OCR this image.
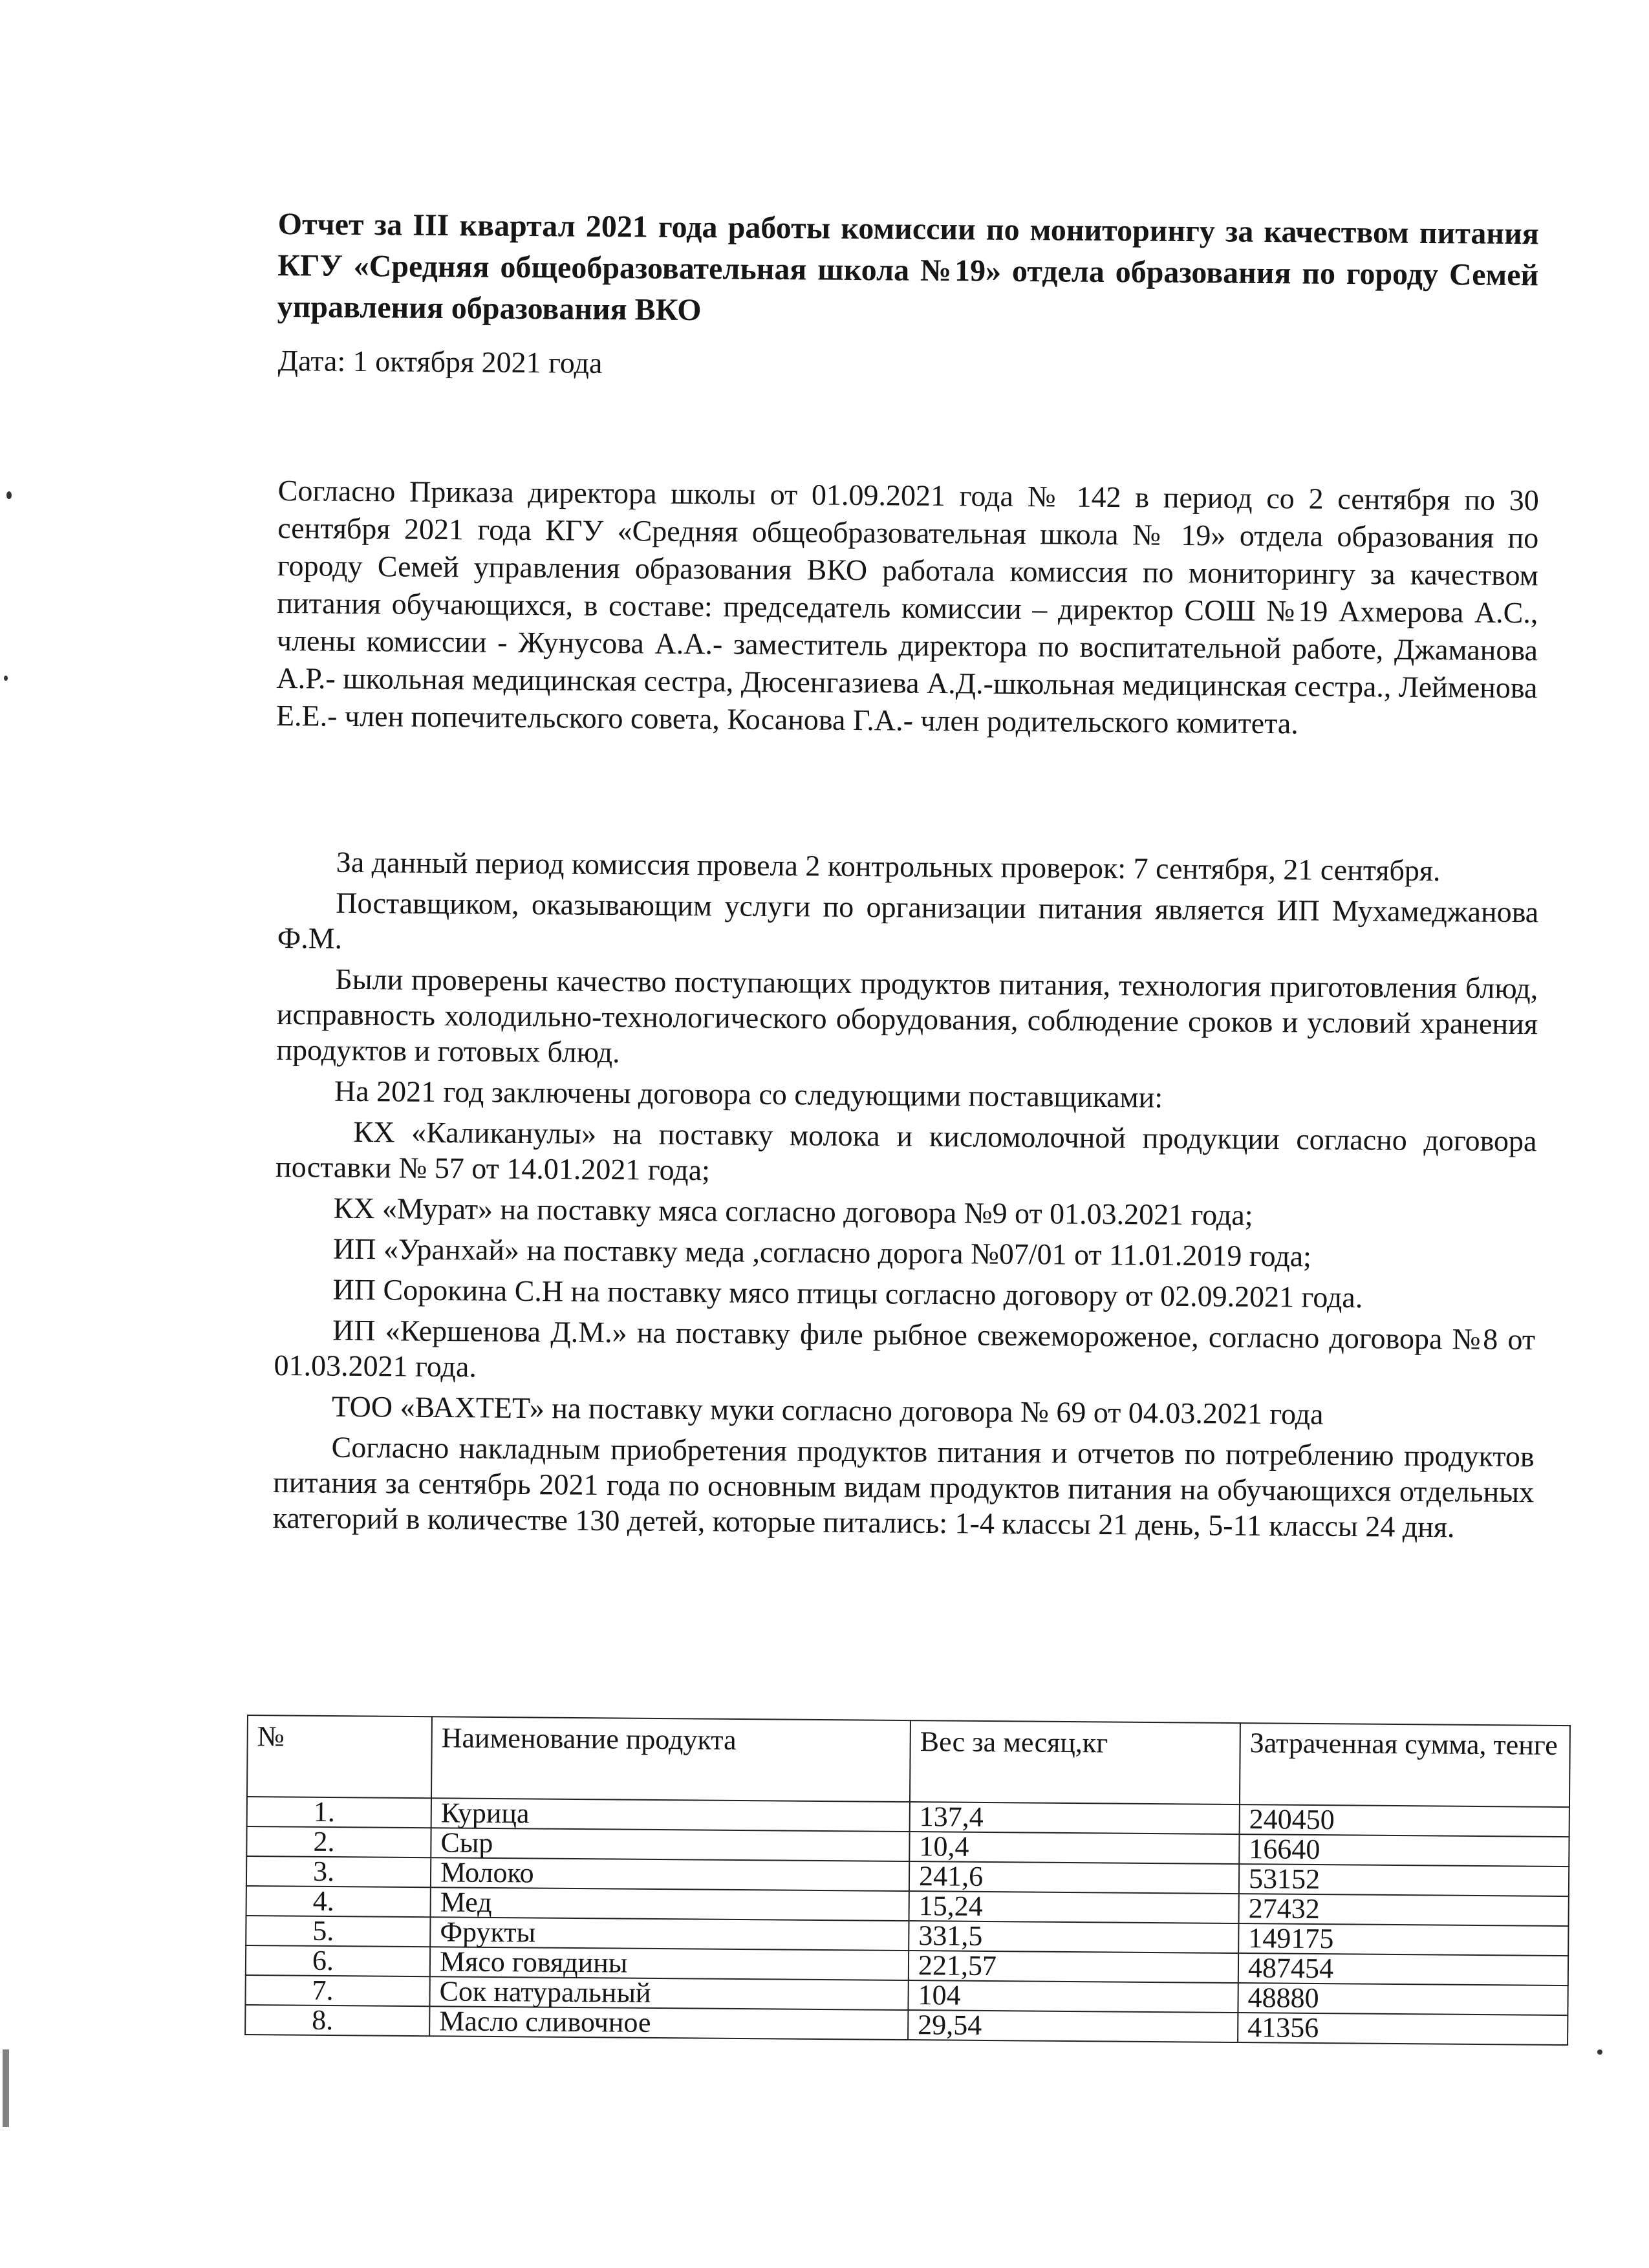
Отчет за III квартал 2021 года работы комиссии по мониторингу за качеством питания КГУ «Средняя общеобразовательная школа №19» отдела образования по городу Семей управления образования ВКО
Дата: 1 октября 2021 года
Согласно Приказа директора школы от 01.09.2021 года № 142 в период со 2 сентября по 30 сентября 2021 года КГУ «Средняя общеобразовательная школа № 19» отдела образования по городу Семей управления образования ВКО работала комиссия по мониторингу за качеством питания обучающихся, в составе: председатель комиссии – директор СОШ №19 Ахмерова А.С., члены комиссии - Жунусова А.А.- заместитель директора по воспитательной работе, Джаманова А.Р.- школьная медицинская сестра, Дюсенгазиева А.Д.-школьная медицинская сестра., Лейменова Е.Е.- член попечительского совета, Косанова Г.А.- член родительского комитета.

За данный период комиссия провела 2 контрольных проверок: 7 сентября, 21 сентября.

Поставщиком, оказывающим услуги по организации питания является ИП Мухамеджанова Ф.М.

Были проверены качество поступающих продуктов питания, технология приготовления блюд, исправность холодильно-технологического оборудования, соблюдение сроков и условий хранения продуктов и готовых блюд.

На 2021 год заключены договора со следующими поставщиками:

КХ «Каликанулы» на поставку молока и кисломолочной продукции согласно договора поставки № 57 от 14.01.2021 года;

КХ «Мурат» на поставку мяса согласно договора №9 от 01.03.2021 года;

ИП «Уранхай» на поставку меда ,согласно дорога №07/01 от 11.01.2019 года;

ИП Сорокина С.Н на поставку мясо птицы согласно договору от 02.09.2021 года.

ИП «Кершенова Д.М.» на поставку филе рыбное свежемороженое, согласно договора №8 от 01.03.2021 года.

ТОО «ВАХТЕТ» на поставку муки согласно договора № 69 от 04.03.2021 года

Согласно накладным приобретения продуктов питания и отчетов по потреблению продуктов питания за сентябрь 2021 года по основным видам продуктов питания на обучающихся отдельных категорий в количестве 130 детей, которые питались: 1-4 классы 21 день, 5-11 классы 24 дня.

№	Наименование продукта	Вес за месяц,кг	Затраченная сумма, тенге
1.	Курица	137,4	240450
2.	Сыр	10,4	16640
3.	Молоко	241,6	53152
4.	Мед	15,24	27432
5.	Фрукты	331,5	149175
6.	Мясо говядины	221,57	487454
7.	Сок натуральный	104	48880
8.	Масло сливочное	29,54	41356
